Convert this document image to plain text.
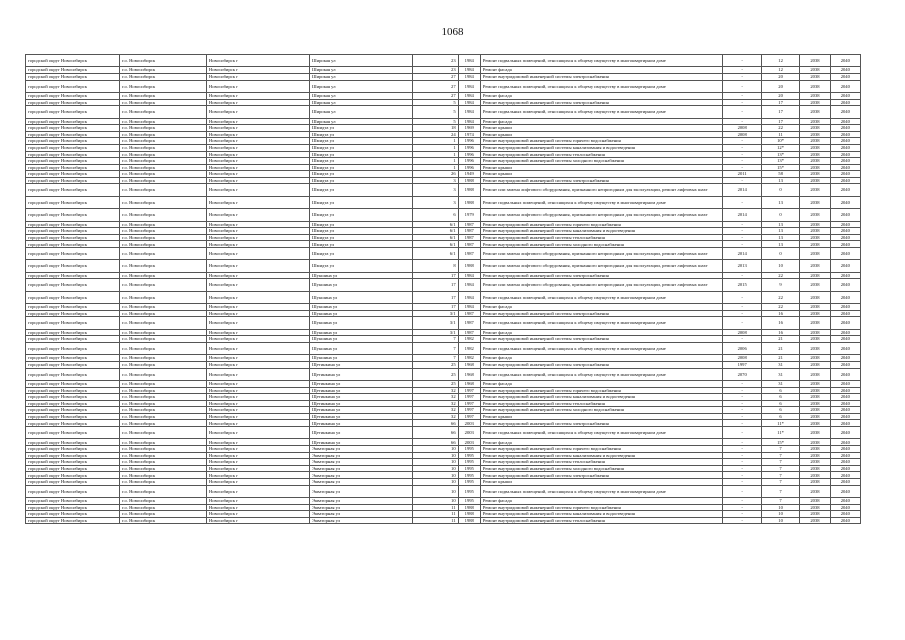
1068
городской округ Новосибирск	г.о. Новосибирск	Новосибирск г	Широкая ул	23	1984	Ремонт подвальных помещений, относящихся к общему имуществу в многоквартирном доме	-	12	2038	2040
городской округ Новосибирск	г.о. Новосибирск	Новосибирск г	Широкая ул	23	1984	Ремонт фасада	-	12	2038	2040
городской округ Новосибирск	г.о. Новосибирск	Новосибирск г	Широкая ул	27	1984	Ремонт внутридомовой инженерной системы электроснабжения	-	20	2038	2040
городской округ Новосибирск	г.о. Новосибирск	Новосибирск г	Широкая ул	27	1984	Ремонт подвальных помещений, относящихся к общему имуществу в многоквартирном доме	-	20	2038	2040
городской округ Новосибирск	г.о. Новосибирск	Новосибирск г	Широкая ул	27	1984	Ремонт фасада	-	20	2038	2040
городской округ Новосибирск	г.о. Новосибирск	Новосибирск г	Широкая ул	5	1984	Ремонт внутридомовой инженерной системы электроснабжения	-	17	2038	2040
городской округ Новосибирск	г.о. Новосибирск	Новосибирск г	Широкая ул	5	1984	Ремонт подвальных помещений, относящихся к общему имуществу в многоквартирном доме	-	17	2038	2040
городской округ Новосибирск	г.о. Новосибирск	Новосибирск г	Широкая ул	5	1984	Ремонт фасада	-	17	2038	2040
городской округ Новосибирск	г.о. Новосибирск	Новосибирск г	Шмидта ул	18	1969	Ремонт крыши	2008	22	2038	2040
городской округ Новосибирск	г.о. Новосибирск	Новосибирск г	Шмидта ул	24	1974	Ремонт крыши	2008	11	2038	2040
городской округ Новосибирск	г.о. Новосибирск	Новосибирск г	Шмидта ул	1	1996	Ремонт внутридомовой инженерной системы горячего водоснабжения	-	10*	2038	2040
городской округ Новосибирск	г.о. Новосибирск	Новосибирск г	Шмидта ул	1	1996	Ремонт внутридомовой инженерной системы канализования и водоотведения	-	12*	2038	2040
городской округ Новосибирск	г.о. Новосибирск	Новосибирск г	Шмидта ул	1	1996	Ремонт внутридомовой инженерной системы теплоснабжения	-	13*	2038	2040
городской округ Новосибирск	г.о. Новосибирск	Новосибирск г	Шмидта ул	1	1996	Ремонт внутридомовой инженерной системы холодного водоснабжения	-	13*	2038	2040
городской округ Новосибирск	г.о. Новосибирск	Новосибирск г	Шмидта ул	1	1996	Ремонт крыши	-	15*	2038	2040
городской округ Новосибирск	г.о. Новосибирск	Новосибирск г	Шмидта ул	26	1949	Ремонт крыши	2011	58	2038	2040
городской округ Новосибирск	г.о. Новосибирск	Новосибирск г	Шмидта ул	3	1988	Ремонт внутридомовой инженерной системы электроснабжения	-	13	2038	2040
городской округ Новосибирск	г.о. Новосибирск	Новосибирск г	Шмидта ул	3	1988	Ремонт или замена лифтового оборудования, признанного непригодным для эксплуатации, ремонт лифтовых шахт	2014	0	2038	2040
городской округ Новосибирск	г.о. Новосибирск	Новосибирск г	Шмидта ул	3	1988	Ремонт подвальных помещений, относящихся к общему имуществу в многоквартирном доме	-	13	2038	2040
городской округ Новосибирск	г.о. Новосибирск	Новосибирск г	Шмидта ул	6	1979	Ремонт или замена лифтового оборудования, признанного непригодным для эксплуатации, ремонт лифтовых шахт	2014	0	2038	2040
городской округ Новосибирск	г.о. Новосибирск	Новосибирск г	Шмидта ул	6/1	1987	Ремонт внутридомовой инженерной системы горячего водоснабжения	-	13	2038	2040
городской округ Новосибирск	г.о. Новосибирск	Новосибирск г	Шмидта ул	6/1	1987	Ремонт внутридомовой инженерной системы канализования и водоотведения	-	13	2038	2040
городской округ Новосибирск	г.о. Новосибирск	Новосибирск г	Шмидта ул	6/1	1987	Ремонт внутридомовой инженерной системы теплоснабжения	-	13	2038	2040
городской округ Новосибирск	г.о. Новосибирск	Новосибирск г	Шмидта ул	6/1	1987	Ремонт внутридомовой инженерной системы холодного водоснабжения	-	13	2038	2040
городской округ Новосибирск	г.о. Новосибирск	Новосибирск г	Шмидта ул	6/1	1987	Ремонт или замена лифтового оборудования, признанного непригодным для эксплуатации, ремонт лифтовых шахт	2014	0	2038	2040
городской округ Новосибирск	г.о. Новосибирск	Новосибирск г	Шмидта ул	8	1988	Ремонт или замена лифтового оборудования, признанного непригодным для эксплуатации, ремонт лифтовых шахт	2013	10	2038	2040
городской округ Новосибирск	г.о. Новосибирск	Новосибирск г	Шукшина ул	17	1984	Ремонт внутридомовой инженерной системы электроснабжения	-	22	2038	2040
городской округ Новосибирск	г.о. Новосибирск	Новосибирск г	Шукшина ул	17	1984	Ремонт или замена лифтового оборудования, признанного непригодным для эксплуатации, ремонт лифтовых шахт	2015	9	2038	2040
городской округ Новосибирск	г.о. Новосибирск	Новосибирск г	Шукшина ул	17	1984	Ремонт подвальных помещений, относящихся к общему имуществу в многоквартирном доме	-	22	2038	2040
городской округ Новосибирск	г.о. Новосибирск	Новосибирск г	Шукшина ул	17	1984	Ремонт фасада	-	22	2038	2040
городской округ Новосибирск	г.о. Новосибирск	Новосибирск г	Шукшина ул	3/1	1987	Ремонт внутридомовой инженерной системы электроснабжения	-	16	2038	2040
городской округ Новосибирск	г.о. Новосибирск	Новосибирск г	Шукшина ул	3/1	1987	Ремонт подвальных помещений, относящихся к общему имуществу в многоквартирном доме	-	16	2038	2040
городской округ Новосибирск	г.о. Новосибирск	Новосибирск г	Шукшина ул	3/1	1987	Ремонт фасада	2008	16	2038	2040
городской округ Новосибирск	г.о. Новосибирск	Новосибирск г	Шукшина ул	7	1982	Ремонт внутридомовой инженерной системы электроснабжения	-	21	2038	2040
городской округ Новосибирск	г.о. Новосибирск	Новосибирск г	Шукшина ул	7	1982	Ремонт подвальных помещений, относящихся к общему имуществу в многоквартирном доме	2006	21	2038	2040
городской округ Новосибирск	г.о. Новосибирск	Новосибирск г	Шукшина ул	7	1982	Ремонт фасада	2008	21	2038	2040
городской округ Новосибирск	г.о. Новосибирск	Новосибирск г	Щетинкина ул	25	1968	Ремонт внутридомовой инженерной системы электроснабжения	1997	31	2038	2040
городской округ Новосибирск	г.о. Новосибирск	Новосибирск г	Щетинкина ул	25	1968	Ремонт подвальных помещений, относящихся к общему имуществу в многоквартирном доме	2070	31	2038	2040
городской округ Новосибирск	г.о. Новосибирск	Новосибирск г	Щетинкина ул	25	1968	Ремонт фасада	-	31	2038	2040
городской округ Новосибирск	г.о. Новосибирск	Новосибирск г	Щетинкина ул	32	1997	Ремонт внутридомовой инженерной системы горячего водоснабжения	-	6	2038	2040
городской округ Новосибирск	г.о. Новосибирск	Новосибирск г	Щетинкина ул	32	1997	Ремонт внутридомовой инженерной системы канализования и водоотведения	-	6	2038	2040
городской округ Новосибирск	г.о. Новосибирск	Новосибирск г	Щетинкина ул	32	1997	Ремонт внутридомовой инженерной системы теплоснабжения	-	6	2038	2040
городской округ Новосибирск	г.о. Новосибирск	Новосибирск г	Щетинкина ул	32	1997	Ремонт внутридомовой инженерной системы холодного водоснабжения	-	6	2038	2040
городской округ Новосибирск	г.о. Новосибирск	Новосибирск г	Щетинкина ул	32	1997	Ремонт крыши	-	6	2038	2040
городской округ Новосибирск	г.о. Новосибирск	Новосибирск г	Щетинкина ул	66	2003	Ремонт внутридомовой инженерной системы электроснабжения	-	11*	2038	2040
городской округ Новосибирск	г.о. Новосибирск	Новосибирск г	Щетинкина ул	66	2003	Ремонт подвальных помещений, относящихся к общему имуществу в многоквартирном доме	-	11*	2038	2040
городской округ Новосибирск	г.о. Новосибирск	Новосибирск г	Щетинкина ул	66	2003	Ремонт фасада	-	15*	2038	2040
городской округ Новосибирск	г.о. Новосибирск	Новосибирск г	Экваторная ул	10	1995	Ремонт внутридомовой инженерной системы горячего водоснабжения	-	7	2038	2040
городской округ Новосибирск	г.о. Новосибирск	Новосибирск г	Экваторная ул	10	1995	Ремонт внутридомовой инженерной системы канализования и водоотведения	-	7	2038	2040
городской округ Новосибирск	г.о. Новосибирск	Новосибирск г	Экваторная ул	10	1995	Ремонт внутридомовой инженерной системы теплоснабжения	-	7	2038	2040
городской округ Новосибирск	г.о. Новосибирск	Новосибирск г	Экваторная ул	10	1995	Ремонт внутридомовой инженерной системы холодного водоснабжения	-	7	2038	2040
городской округ Новосибирск	г.о. Новосибирск	Новосибирск г	Экваторная ул	10	1995	Ремонт внутридомовой инженерной системы электроснабжения	-	7	2038	2040
городской округ Новосибирск	г.о. Новосибирск	Новосибирск г	Экваторная ул	10	1995	Ремонт крыши	-	7	2038	2040
городской округ Новосибирск	г.о. Новосибирск	Новосибирск г	Экваторная ул	10	1995	Ремонт подвальных помещений, относящихся к общему имуществу в многоквартирном доме	-	7	2038	2040
городской округ Новосибирск	г.о. Новосибирск	Новосибирск г	Экваторная ул	10	1995	Ремонт фасада	-	7	2038	2040
городской округ Новосибирск	г.о. Новосибирск	Новосибирск г	Экваторная ул	11	1988	Ремонт внутридомовой инженерной системы горячего водоснабжения	-	10	2038	2040
городской округ Новосибирск	г.о. Новосибирск	Новосибирск г	Экваторная ул	11	1988	Ремонт внутридомовой инженерной системы канализования и водоотведения	-	10	2038	2040
городской округ Новосибирск	г.о. Новосибирск	Новосибирск г	Экваторная ул	11	1988	Ремонт внутридомовой инженерной системы теплоснабжения	-	10	2038	2040
